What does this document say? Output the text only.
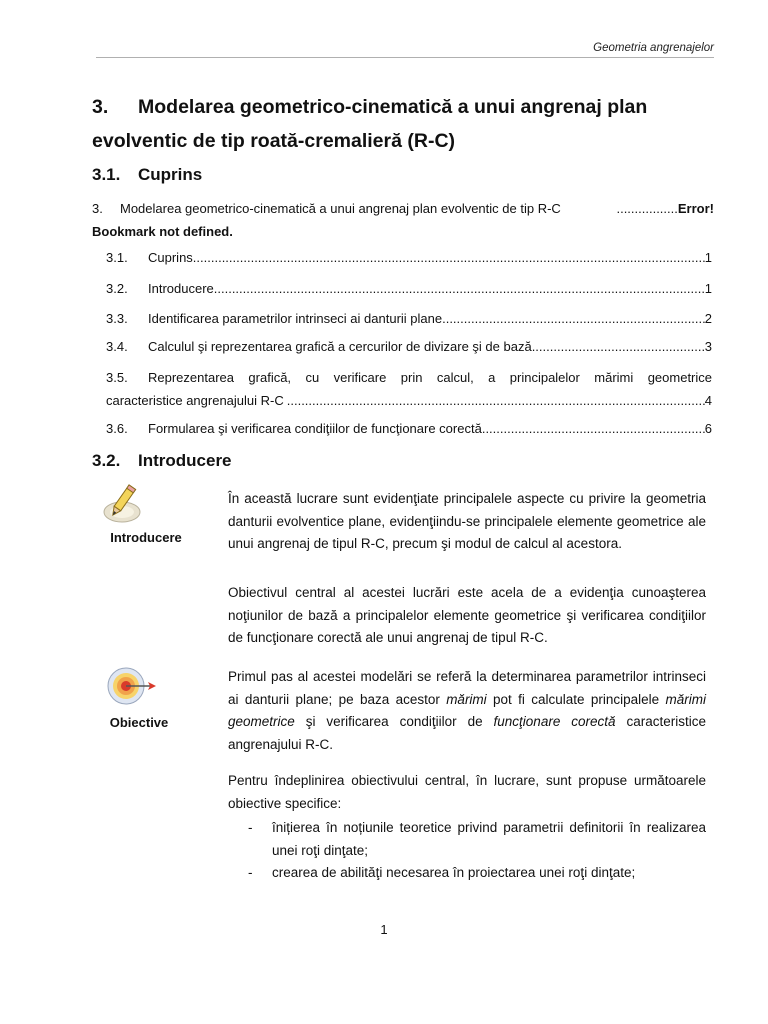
Geometria angrenajelor
3. Modelarea geometrico-cinematică a unui angrenaj plan
evolventic de tip roată-cremalieră (R-C)
3.1. Cuprins
3.	Modelarea geometrico-cinematică a unui angrenaj plan evolventic de tip R-C	................. Error!
Bookmark not defined.
3.1.	Cuprins .....	1
3.2.	Introducere .....	1
3.3.	Identificarea parametrilor intrinseci ai danturii plane .....	2
3.4.	Calculul şi reprezentarea grafică a cercurilor de divizare şi de bază .....	3
3.5.	Reprezentarea grafică, cu verificare prin calcul, a principalelor mărimi geometrice
caracteristice angrenajului R-C .....	4
3.6.	Formularea şi verificarea condiţiilor de funcţionare corectă .....	6
3.2. Introducere
Introducere
În această lucrare sunt evidenţiate principalele aspecte cu privire la geometria danturii evolventice plane, evidenţiindu-se principalele elemente geometrice ale unui angrenaj de tipul R-C, precum şi modul de calcul al acestora.
Obiectivul central al acestei lucrări este acela de a evidenţia cunoaşterea noţiunilor de bază a principalelor elemente geometrice şi verificarea condiţiilor de funcţionare corectă ale unui angrenaj de tipul R-C.
Obiective
Primul pas al acestei modelări se referă la determinarea parametrilor intrinseci ai danturii plane; pe baza acestor mărimi pot fi calculate principalele mărimi geometrice şi verificarea condiţiilor de funcţionare corectă caracteristice angrenajului R-C.
Pentru îndeplinirea obiectivului central, în lucrare, sunt propuse următoarele obiective specifice:
-	înițierea în noțiunile teoretice privind parametrii definitorii în realizarea unei roţi dinţate;
-	crearea de abilităţi necesarea în proiectarea unei roţi dinţate;
1
